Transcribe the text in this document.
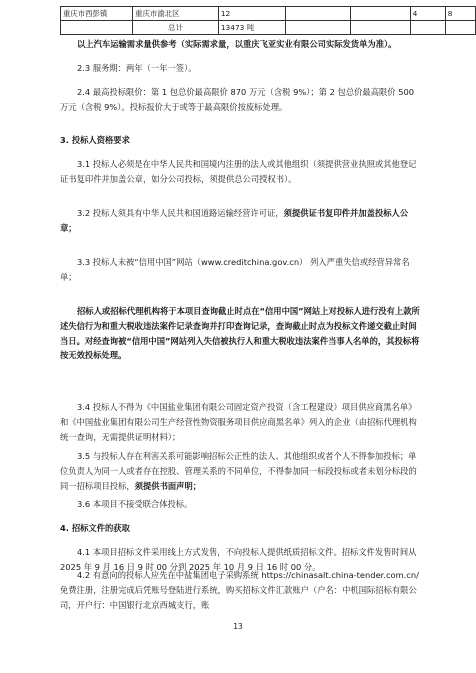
重庆市西彭镇	重庆市渝北区	12			4	8
	总计	13473 吨				

以上汽车运输需求量供参考（实际需求量，以重庆飞亚实业有限公司实际发货单为准）。

2.3 服务期：两年（一年一签）。

2.4 最高投标限价：第 1 包总价最高限价 870 万元（含税 9%）；第 2 包总价最高限价 500 万元（含税 9%）。投标报价大于或等于最高限价按废标处理。

3. 投标人资格要求

3.1 投标人必须是在中华人民共和国境内注册的法人或其他组织（须提供营业执照或其他登记证书复印件并加盖公章，如分公司投标，须提供总公司授权书）。

3.2 投标人须具有中华人民共和国道路运输经营许可证，须提供证书复印件并加盖投标人公章；

3.3 投标人未被“信用中国”网站（www.creditchina.gov.cn） 列入严重失信或经营异常名单；

招标人或招标代理机构将于本项目查询截止时点在“信用中国”网站上对投标人进行没有上款所述失信行为和重大税收违法案件记录查询并打印查询记录，查询截止时点为投标文件递交截止时间当日。对经查询被“信用中国”网站列入失信被执行人和重大税收违法案件当事人名单的，其投标将按无效投标处理。

3.4 投标人不得为《中国盐业集团有限公司固定资产投资（含工程建设）项目供应商黑名单》和《中国盐业集团有限公司生产经营性物资服务项目供应商黑名单》列入的企业（由招标代理机构统一查询，无需提供证明材料）；

3.5 与投标人存在利害关系可能影响招标公正性的法人、其他组织或者个人不得参加投标；单位负责人为同一人或者存在控股、管理关系的不同单位，不得参加同一标段投标或者未划分标段的同一招标项目投标，须提供书面声明；

3.6 本项目不接受联合体投标。

4. 招标文件的获取

4.1 本项目招标文件采用线上方式发售，不向投标人提供纸质招标文件。招标文件发售时间从 2025 年 9 月 16 日 9 时 00 分到 2025 年 10 月 9 日 16 时 00 分。

4.2 有意向的投标人应先在中盐集团电子采购系统 https://chinasalt.china-tender.com.cn/免费注册，注册完成后凭账号登陆进行系统，购买招标文件汇款账户（户名：中机国际招标有限公司，开户行：中国银行北京西城支行，账

13
